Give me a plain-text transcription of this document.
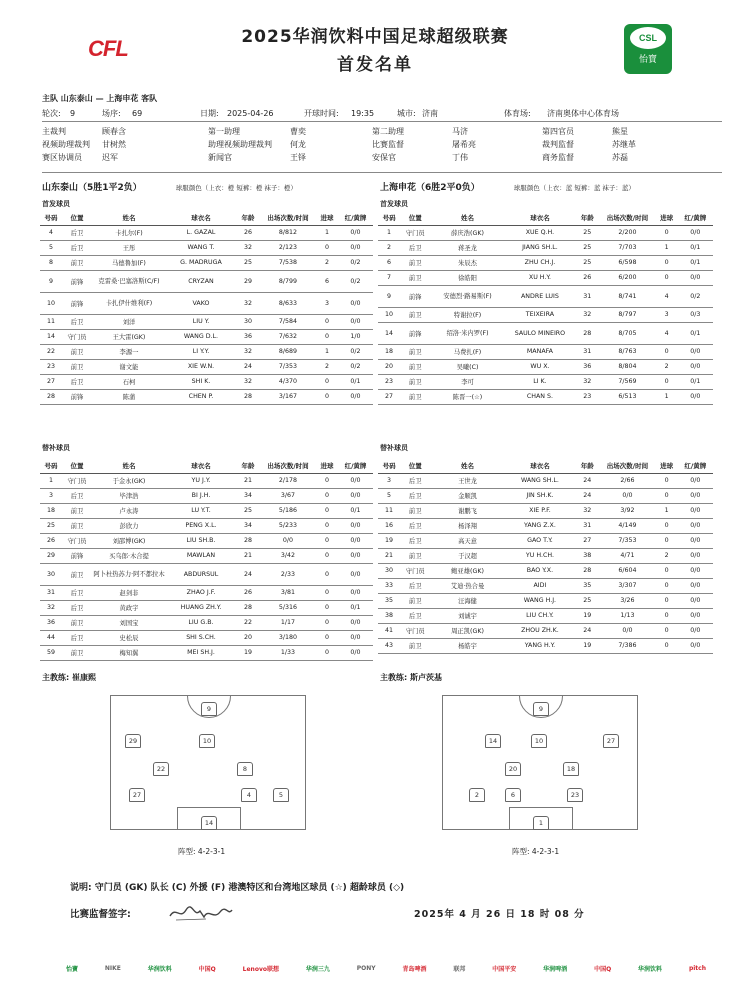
CFL	2025华润饮料中国足球超级联赛
首发名单
CSL
怡寶
主队 山东泰山 — 上海申花 客队
轮次: 9	场序: 69	日期: 2025-04-26	开球时间: 19:35	城市: 济南	体育场: 济南奥体中心体育场
主裁判	顾春含	第一助理	曹奕	第二助理	马济	第四官员	熊星
视频助理裁判 甘树然	助理视频助理裁判 何龙	比赛监督	屠希亮	裁判监督	苏继革
赛区协调员	迟军	新闻官	王铎	安保官	丁伟	商务监督	苏磊
山东泰山（5胜1平2负）	球服颜色（上衣：橙 短裤：橙 袜子：橙）	上海申花（6胜2平0负）	球服颜色（上衣：蓝 短裤：蓝 袜子：蓝）
首发球员	首发球员
号码	位置	姓名	球衣名	年龄	出场次数/时间	进球	红/黄牌
4	后卫	卡扎尔(F)	L. GAZAL	26	8/812	1	0/0
5	后卫	王彤	WANG T.	32	2/123	0	0/0
8	前卫	马德鲁加(F)	G. MADRUGA	25	7/538	2	0/2
9	前锋	克雷桑·巴塞洛斯(C/F)	CRYZAN	29	8/799	6	0/2
10	前锋	卡扎伊什维利(F)	VAKO	32	8/633	3	0/0
11	后卫	刘洋	LIU Y.	30	7/584	0	0/0
14	守门员	王大雷(GK)	WANG D.L.	36	7/632	0	1/0
22	前卫	李源一	LI Y.Y.	32	8/689	1	0/2
23	前卫	谢文能	XIE W.N.	24	7/353	2	0/2
27	后卫	石柯	SHI K.	32	4/370	0	0/1
28	前锋	陈蒲	CHEN P.	28	3/167	0	0/0
号码	位置	姓名	球衣名	年龄	出场次数/时间	进球	红/黄牌
1	守门员	薛庆浩(GK)	XUE Q.H.	25	2/200	0	0/0
2	后卫	蒋圣龙	JIANG SH.L.	25	7/703	1	0/1
6	前卫	朱辰杰	ZHU CH.J.	25	6/598	0	0/1
7	前卫	徐皓阳	XU H.Y.	26	6/200	0	0/0
9	前锋	安德烈·路易斯(F)	ANDRE LUIS	31	8/741	4	0/2
10	前卫	特谢拉(F)	TEIXEIRA	32	8/797	3	0/3
14	前锋	绍洛·米内罗(F)	SAULO MINEIRO	28	8/705	4	0/1
18	前卫	马费扎(F)	MANAFA	31	8/763	0	0/0
20	前卫	吴曦(C)	WU X.	36	8/804	2	0/0
23	前卫	李可	LI K.	32	7/569	0	0/1
27	前卫	陈晋一(☆)	CHAN S.	23	6/513	1	0/0
替补球员	替补球员
号码	位置	姓名	球衣名	年龄	出场次数/时间	进球	红/黄牌
1	守门员	于金永(GK)	YU J.Y.	21	2/178	0	0/0
3	后卫	毕津浩	BI J.H.	34	3/67	0	0/0
18	前卫	卢永涛	LU Y.T.	25	5/186	0	0/1
25	前卫	彭欣力	PENG X.L.	34	5/233	0	0/0
26	守门员	刘邵博(GK)	LIU SH.B.	28	0/0	0	0/0
29	前锋	买乌郎·木合提	MAWLAN	21	3/42	0	0/0
30	前卫	阿卜杜热苏力·阿不都拉木	ABDURSUL	24	2/33	0	0/0
31	后卫	赵剑非	ZHAO J.F.	26	3/81	0	0/0
32	后卫	黄政宇	HUANG ZH.Y.	28	5/316	0	0/1
36	前卫	刘国宝	LIU G.B.	22	1/17	0	0/0
44	后卫	史松辰	SHI S.CH.	20	3/180	0	0/0
59	前卫	梅知翼	MEI SH.J.	19	1/33	0	0/0
号码	位置	姓名	球衣名	年龄	出场次数/时间	进球	红/黄牌
3	后卫	王世龙	WANG SH.L.	24	2/66	0	0/0
5	后卫	金顺凯	JIN SH.K.	24	0/0	0	0/0
11	前卫	谢鹏飞	XIE P.F.	32	3/92	1	0/0
16	后卫	杨泽翔	YANG Z.X.	31	4/149	0	0/0
19	后卫	高天意	GAO T.Y.	27	7/353	0	0/0
21	前卫	于汉超	YU H.CH.	38	4/71	2	0/0
30	守门员	鲍亚雄(GK)	BAO Y.X.	28	6/604	0	0/0
33	后卫	艾迪·热合曼	AIDI	35	3/307	0	0/0
35	前卫	汪海健	WANG H.J.	25	3/26	0	0/0
38	后卫	刘诚宇	LIU CH.Y.	19	1/13	0	0/0
41	守门员	周正凯(GK)	ZHOU ZH.K.	24	0/0	0	0/0
43	前卫	杨皓宇	YANG H.Y.	19	7/386	0	0/0
主教练: 崔康熙	主教练: 斯卢茨基
9
29	10
22	8
27	4	5
14
阵型: 4-2-3-1
9
14	10	27
20	18
2	6	23
1
阵型: 4-2-3-1
说明: 守门员 (GK) 队长 (C) 外援 (F) 港澳特区和台湾地区球员 (☆) 超龄球员 (◇)
比赛监督签字:	2025年 4 月 26 日 18 时 08 分
怡寶	NIKE	华润饮料	中国Q	Lenovo联想	华润三九	PONY	青岛啤酒	联邦	中国平安	华润啤酒	中国Q	华润饮料	pitch
